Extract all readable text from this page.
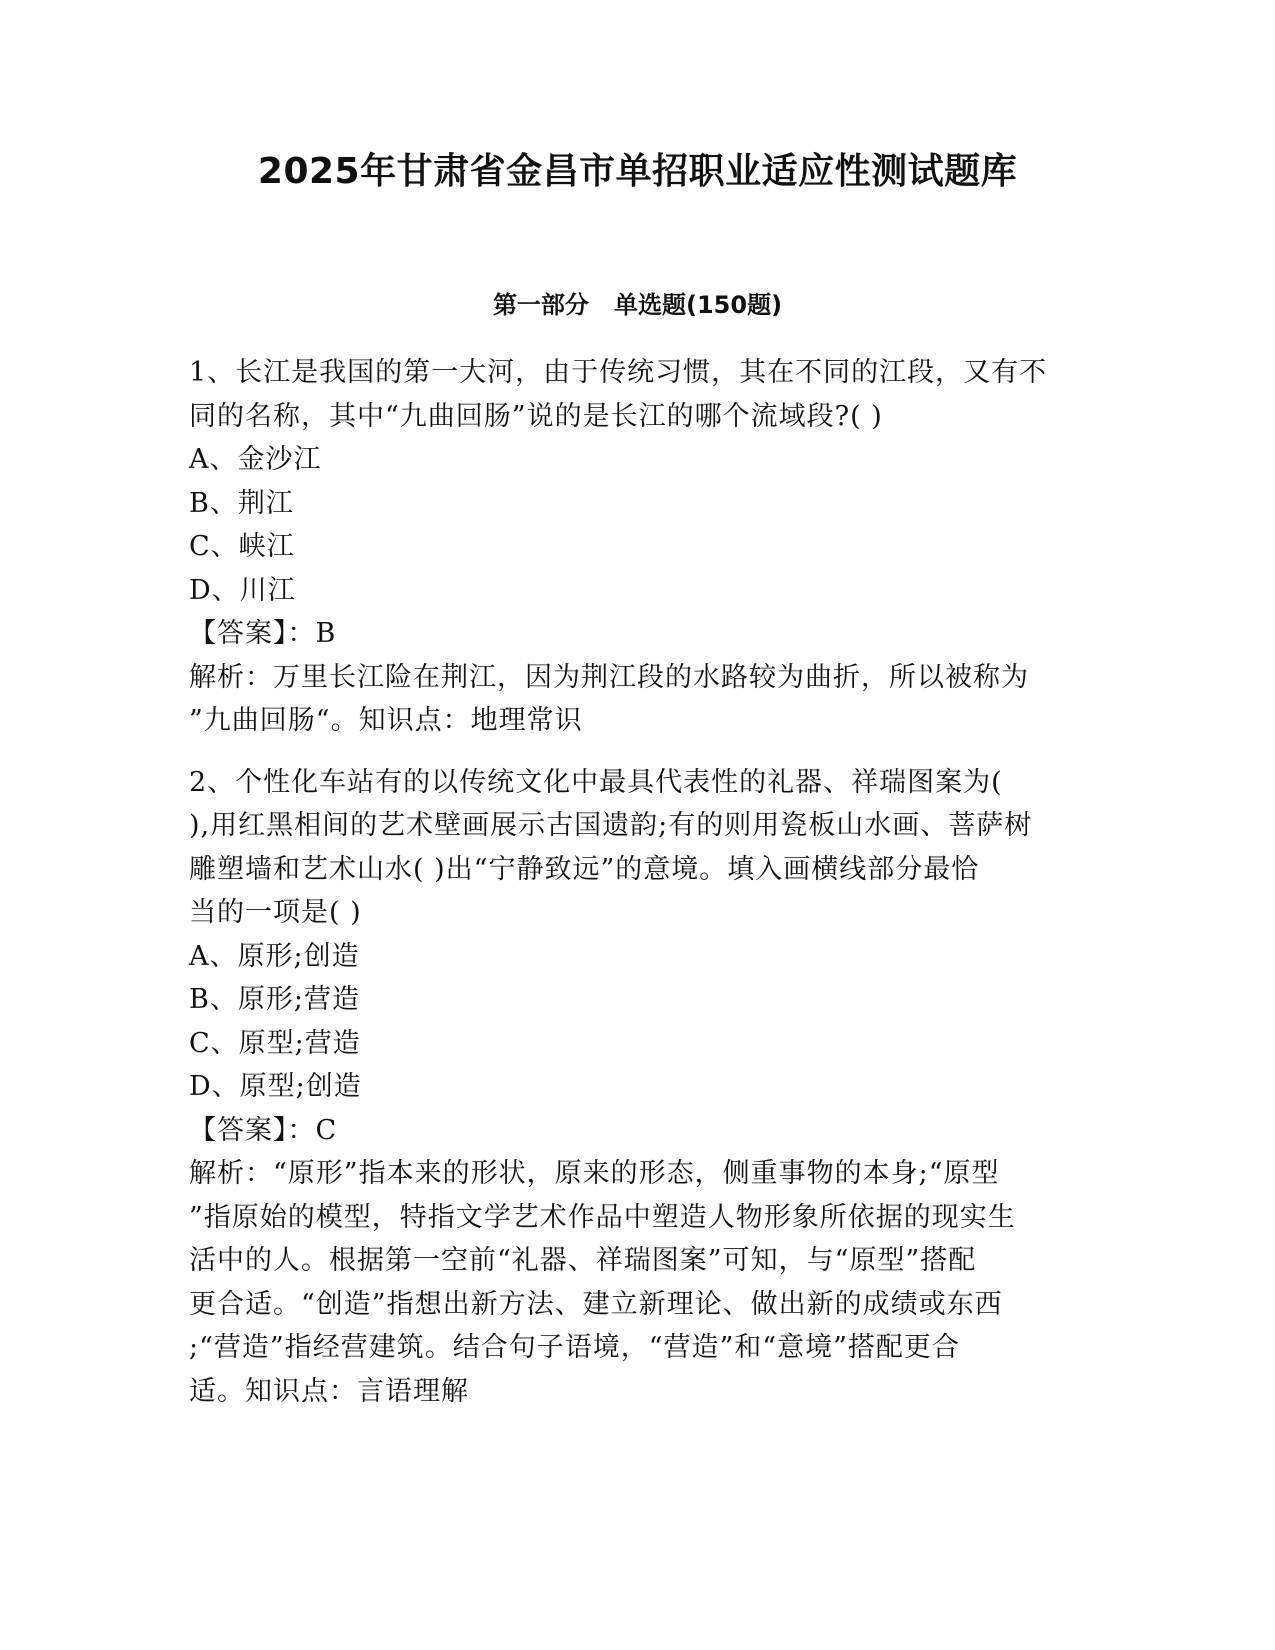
2025年甘肃省金昌市单招职业适应性测试题库
第一部分   单选题(150题)
1、长江是我国的第一大河，由于传统习惯，其在不同的江段，又有不
同的名称，其中“九曲回肠”说的是长江的哪个流域段?( )
A、金沙江
B、荆江
C、峡江
D、川江
【答案】：B
解析：万里长江险在荆江，因为荆江段的水路较为曲折，所以被称为
”九曲回肠“。知识点：地理常识
2、个性化车站有的以传统文化中最具代表性的礼器、祥瑞图案为(
),用红黑相间的艺术壁画展示古国遗韵;有的则用瓷板山水画、菩萨树
雕塑墙和艺术山水( )出“宁静致远”的意境。填入画横线部分最恰
当的一项是( )
A、原形;创造
B、原形;营造
C、原型;营造
D、原型;创造
【答案】：C
解析：“原形”指本来的形状，原来的形态，侧重事物的本身;“原型
”指原始的模型，特指文学艺术作品中塑造人物形象所依据的现实生
活中的人。根据第一空前“礼器、祥瑞图案”可知，与“原型”搭配
更合适。“创造”指想出新方法、建立新理论、做出新的成绩或东西
;“营造”指经营建筑。结合句子语境，“营造”和“意境”搭配更合
适。知识点：言语理解
